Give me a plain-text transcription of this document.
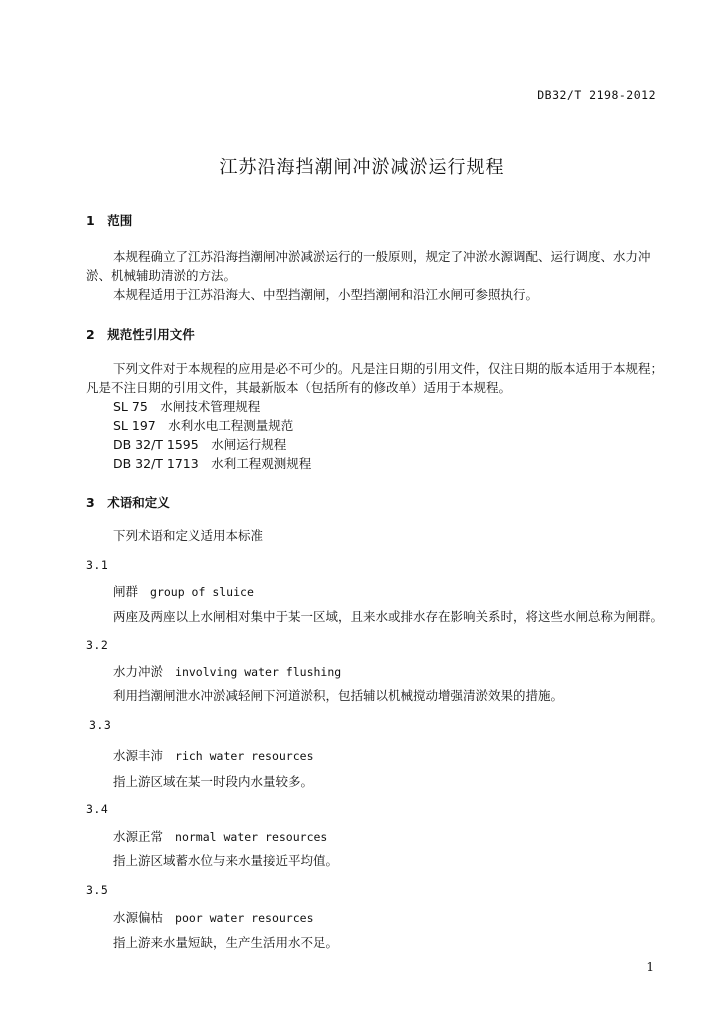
DB32/T 2198-2012
江苏沿海挡潮闸冲淤减淤运行规程
1　范围
本规程确立了江苏沿海挡潮闸冲淤减淤运行的一般原则，规定了冲淤水源调配、运行调度、水力冲
淤、机械辅助清淤的方法。
本规程适用于江苏沿海大、中型挡潮闸，小型挡潮闸和沿江水闸可参照执行。
2　规范性引用文件
下列文件对于本规程的应用是必不可少的。凡是注日期的引用文件，仅注日期的版本适用于本规程；
凡是不注日期的引用文件，其最新版本（包括所有的修改单）适用于本规程。
SL 75　水闸技术管理规程
SL 197　水利水电工程测量规范
DB 32/T 1595　水闸运行规程
DB 32/T 1713　水利工程观测规程
3　术语和定义
下列术语和定义适用本标准
3.1
闸群 group of sluice
两座及两座以上水闸相对集中于某一区域，且来水或排水存在影响关系时，将这些水闸总称为闸群。
3.2
水力冲淤 involving water flushing
利用挡潮闸泄水冲淤减轻闸下河道淤积，包括辅以机械搅动增强清淤效果的措施。
3.3
水源丰沛 rich water resources
指上游区域在某一时段内水量较多。
3.4
水源正常 normal water resources
指上游区域蓄水位与来水量接近平均值。
3.5
水源偏枯 poor water resources
指上游来水量短缺，生产生活用水不足。
1
